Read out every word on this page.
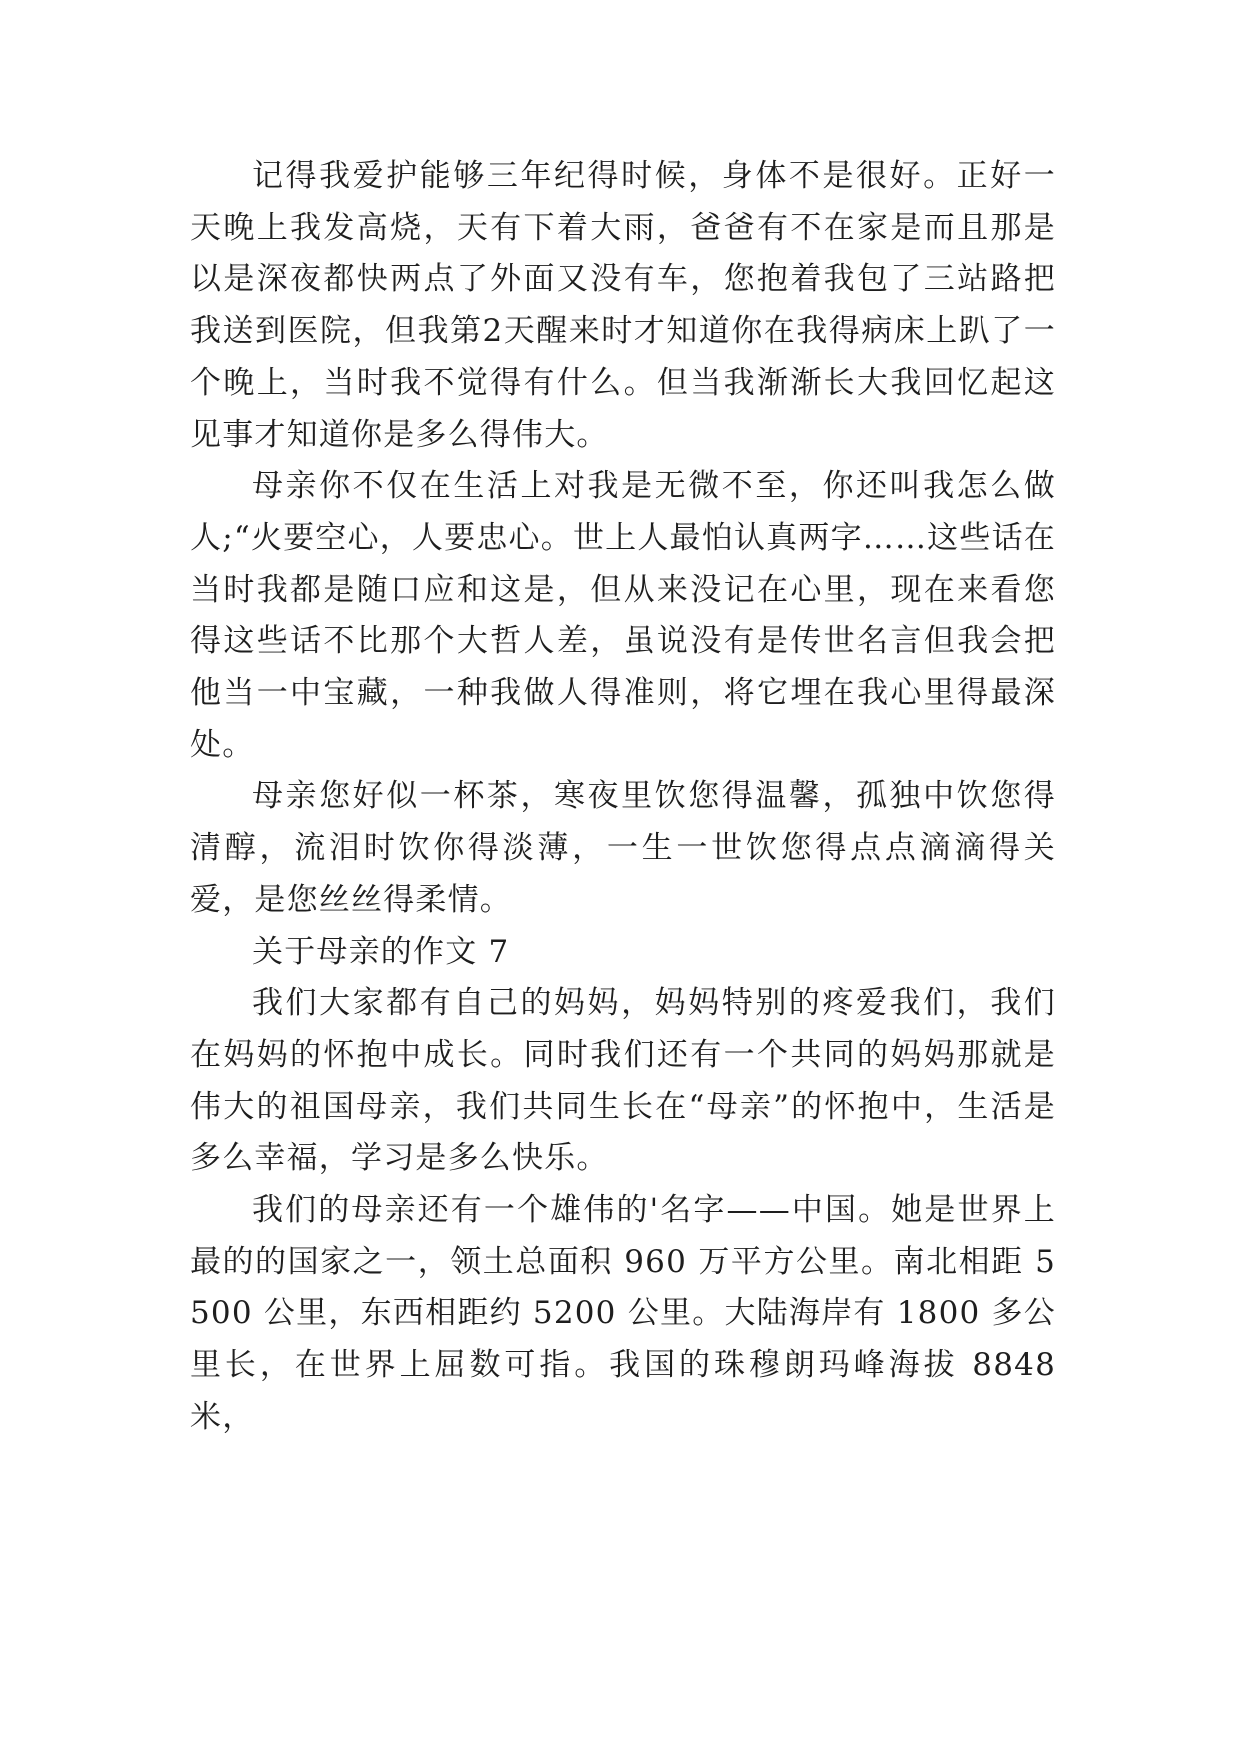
记得我爱护能够三年纪得时候，身体不是很好。正好一天晚上我发高烧，天有下着大雨，爸爸有不在家是而且那是以是深夜都快两点了外面又没有车，您抱着我包了三站路把我送到医院，但我第2天醒来时才知道你在我得病床上趴了一个晚上，当时我不觉得有什么。但当我渐渐长大我回忆起这见事才知道你是多么得伟大。

母亲你不仅在生活上对我是无微不至，你还叫我怎么做人;“火要空心，人要忠心。世上人最怕认真两字……这些话在当时我都是随口应和这是，但从来没记在心里，现在来看您得这些话不比那个大哲人差，虽说没有是传世名言但我会把他当一中宝藏，一种我做人得准则，将它埋在我心里得最深处。

母亲您好似一杯茶，寒夜里饮您得温馨，孤独中饮您得清醇，流泪时饮你得淡薄，一生一世饮您得点点滴滴得关爱，是您丝丝得柔情。

关于母亲的作文 7

我们大家都有自己的妈妈，妈妈特别的疼爱我们，我们在妈妈的怀抱中成长。同时我们还有一个共同的妈妈那就是伟大的祖国母亲，我们共同生长在“母亲”的怀抱中，生活是多么幸福，学习是多么快乐。

我们的母亲还有一个雄伟的'名字——中国。她是世界上最的的国家之一，领土总面积 960 万平方公里。南北相距 5500 公里，东西相距约 5200 公里。大陆海岸有 1800 多公里长，在世界上屈数可指。我国的珠穆朗玛峰海拔 8848 米，
